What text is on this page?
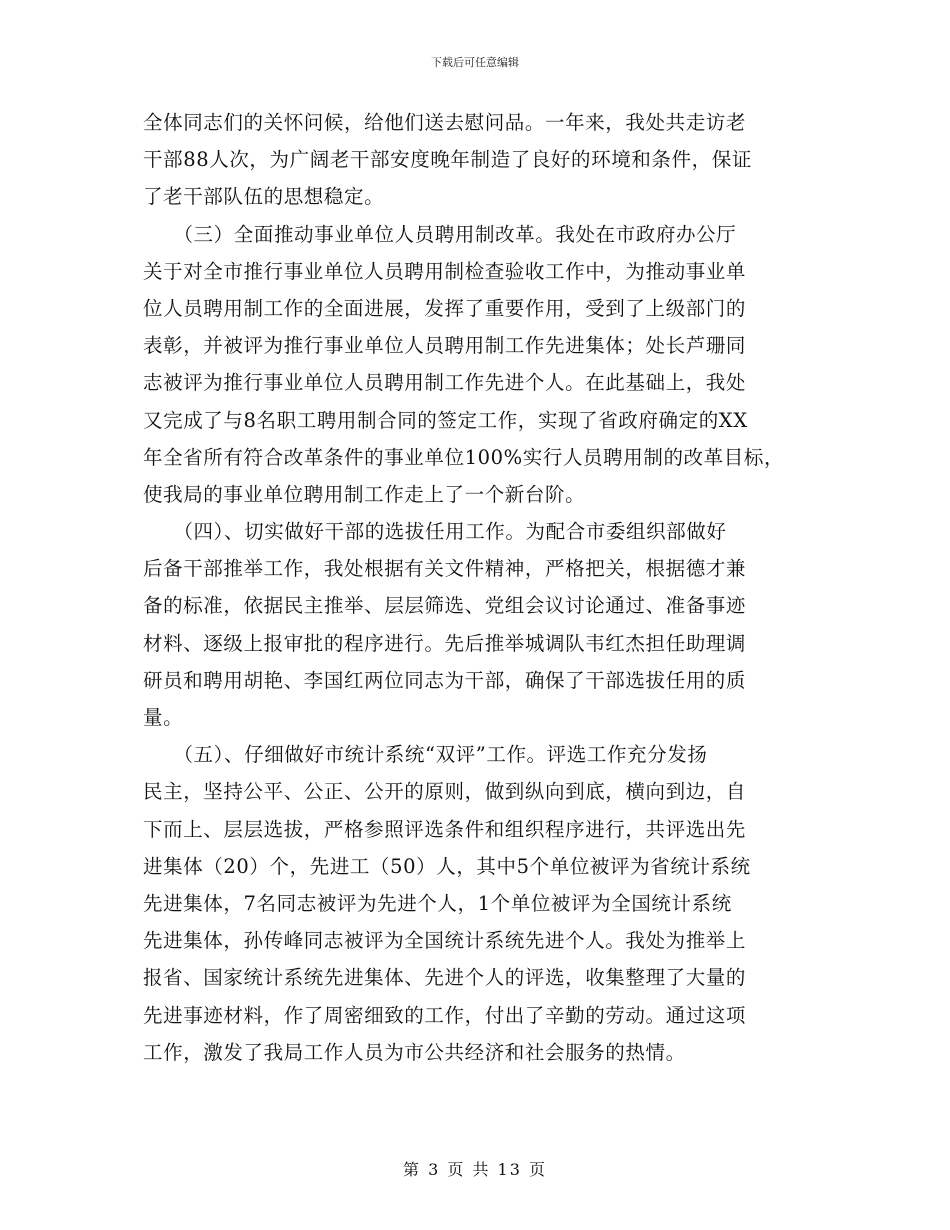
下载后可任意编辑
全体同志们的关怀问候，给他们送去慰问品。一年来，我处共走访老
干部88人次，为广阔老干部安度晚年制造了良好的环境和条件，保证
了老干部队伍的思想稳定。
　　（三）全面推动事业单位人员聘用制改革。我处在市政府办公厅
关于对全市推行事业单位人员聘用制检查验收工作中，为推动事业单
位人员聘用制工作的全面进展，发挥了重要作用，受到了上级部门的
表彰，并被评为推行事业单位人员聘用制工作先进集体；处长芦珊同
志被评为推行事业单位人员聘用制工作先进个人。在此基础上，我处
又完成了与8名职工聘用制合同的签定工作，实现了省政府确定的XX
年全省所有符合改革条件的事业单位100%实行人员聘用制的改革目标，
使我局的事业单位聘用制工作走上了一个新台阶。
　　（四）、切实做好干部的选拔任用工作。为配合市委组织部做好
后备干部推举工作，我处根据有关文件精神，严格把关，根据德才兼
备的标准，依据民主推举、层层筛选、党组会议讨论通过、准备事迹
材料、逐级上报审批的程序进行。先后推举城调队韦红杰担任助理调
研员和聘用胡艳、李国红两位同志为干部，确保了干部选拔任用的质
量。
　　（五）、仔细做好市统计系统“双评”工作。评选工作充分发扬
民主，坚持公平、公正、公开的原则，做到纵向到底，横向到边，自
下而上、层层选拔，严格参照评选条件和组织程序进行，共评选出先
进集体（20）个，先进工（50）人，其中5个单位被评为省统计系统
先进集体，7名同志被评为先进个人，1个单位被评为全国统计系统
先进集体，孙传峰同志被评为全国统计系统先进个人。我处为推举上
报省、国家统计系统先进集体、先进个人的评选，收集整理了大量的
先进事迹材料，作了周密细致的工作，付出了辛勤的劳动。通过这项
工作，激发了我局工作人员为市公共经济和社会服务的热情。
第 3 页 共 13 页
